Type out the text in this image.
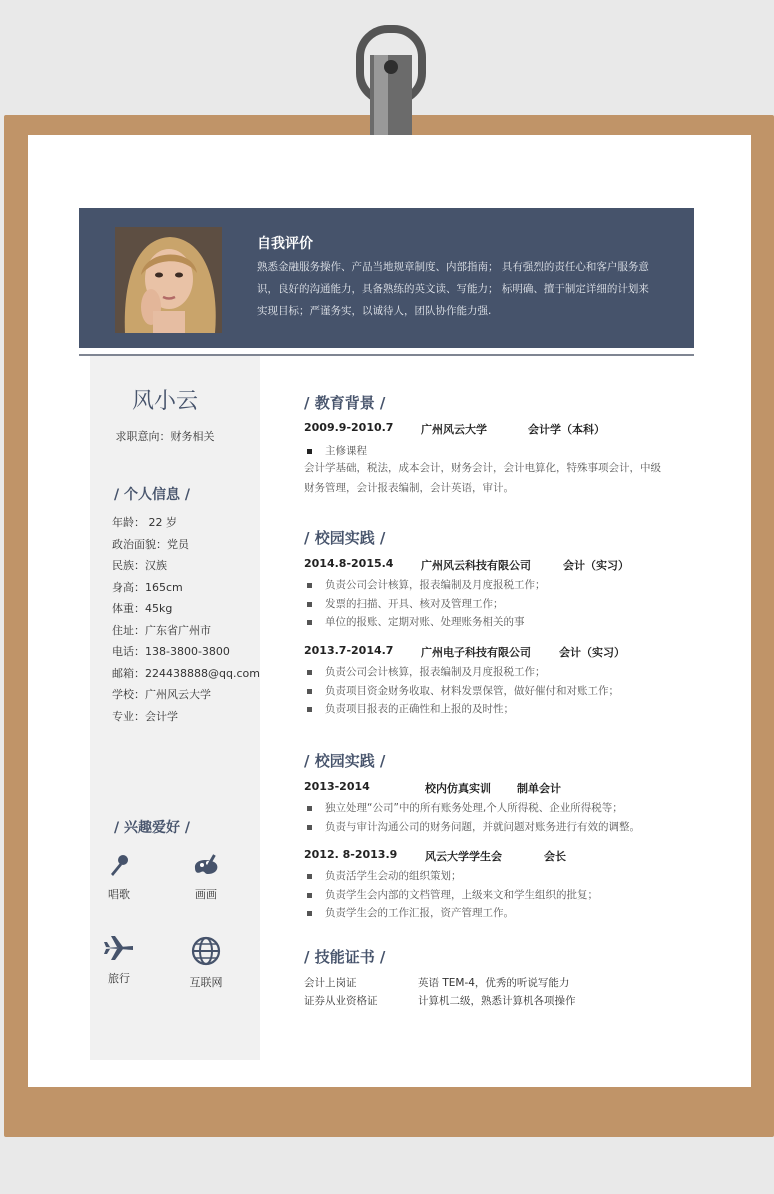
自我评价
熟悉金融服务操作、产品当地规章制度、内部指南； 具有强烈的责任心和客户服务意识，良好的沟通能力，具备熟练的英文读、写能力； 标明确、擅于制定详细的计划来实现目标；严谨务实，以诚待人，团队协作能力强.
风小云
求职意向：财务相关
/ 个人信息 /
年龄： 22 岁
政治面貌：党员
民族：汉族
身高：165cm
体重：45kg
住址：广东省广州市
电话：138-3800-3800
邮箱：224438888@qq.com
学校：广州风云大学
专业：会计学
/ 兴趣爱好 /
唱歌	画画
旅行	互联网
/ 教育背景 /
2009.9-2010.7	广州风云大学	会计学（本科）
主修课程
会计学基础，税法，成本会计，财务会计，会计电算化，特殊事项会计，中级财务管理，会计报表编制，会计英语，审计。
/ 校园实践 /
2014.8-2015.4	广州风云科技有限公司	会计（实习）
负责公司会计核算，报表编制及月度报税工作；
发票的扫描、开具、核对及管理工作；
单位的报账、定期对账、处理账务相关的事
2013.7-2014.7	广州电子科技有限公司	会计（实习）
负责公司会计核算，报表编制及月度报税工作；
负责项目资金财务收取、材料发票保管，做好催付和对账工作；
负责项目报表的正确性和上报的及时性；
/ 校园实践 /
2013-2014	校内仿真实训 制单会计
独立处理“公司”中的所有账务处理,个人所得税、企业所得税等；
负责与审计沟通公司的财务问题，并就问题对账务进行有效的调整。
2012. 8-2013.9	风云大学学生会	会长
负责活学生会动的组织策划；
负责学生会内部的文档管理，上级来文和学生组织的批复；
负责学生会的工作汇报，资产管理工作。
/ 技能证书 /
会计上岗证	英语 TEM-4，优秀的听说写能力
证券从业资格证	计算机二级，熟悉计算机各项操作
